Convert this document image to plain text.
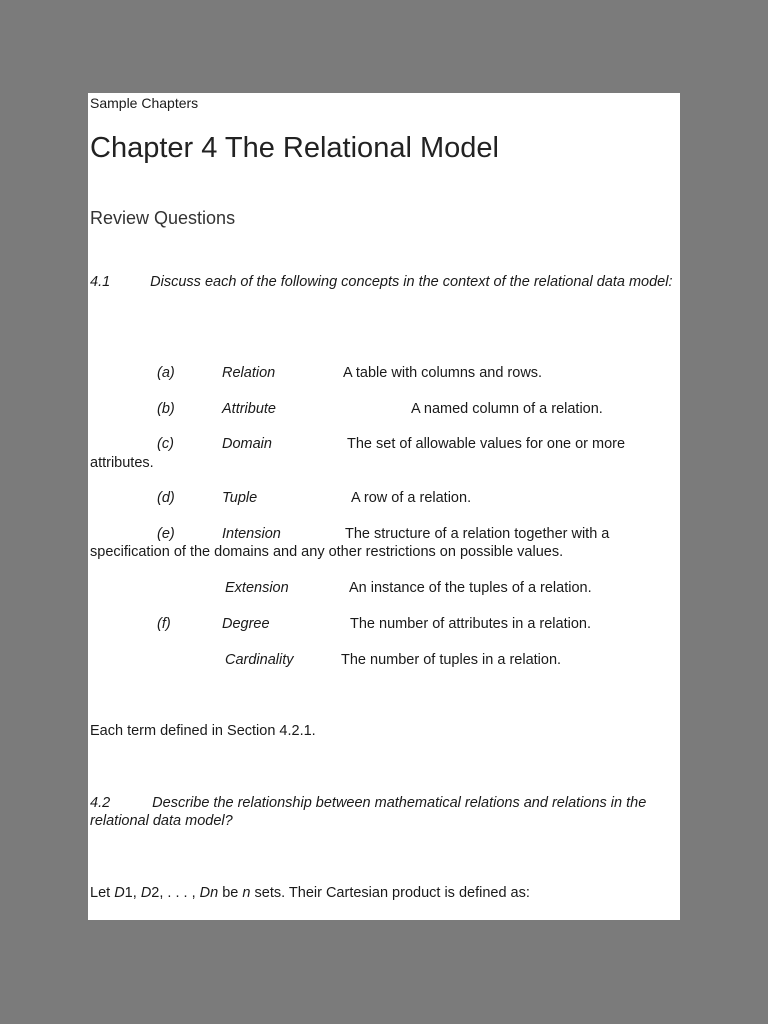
Sample Chapters
Chapter 4 The Relational Model
Review Questions
4.1	Discuss each of the following concepts in the context of the relational data model:
(a)	Relation	A table with columns and rows.
(b)	Attribute	A named column of a relation.
(c)	Domain	The set of allowable values for one or more
attributes.
(d)	Tuple	A row of a relation.
(e)	Intension	The structure of a relation together with a
specification of the domains and any other restrictions on possible values.
Extension	An instance of the tuples of a relation.
(f)	Degree	The number of attributes in a relation.
Cardinality	The number of tuples in a relation.
Each term defined in Section 4.2.1.
4.2	Describe the relationship between mathematical relations and relations in the relational data model?
Let D1, D2, . . . , Dn be n sets. Their Cartesian product is defined as:
